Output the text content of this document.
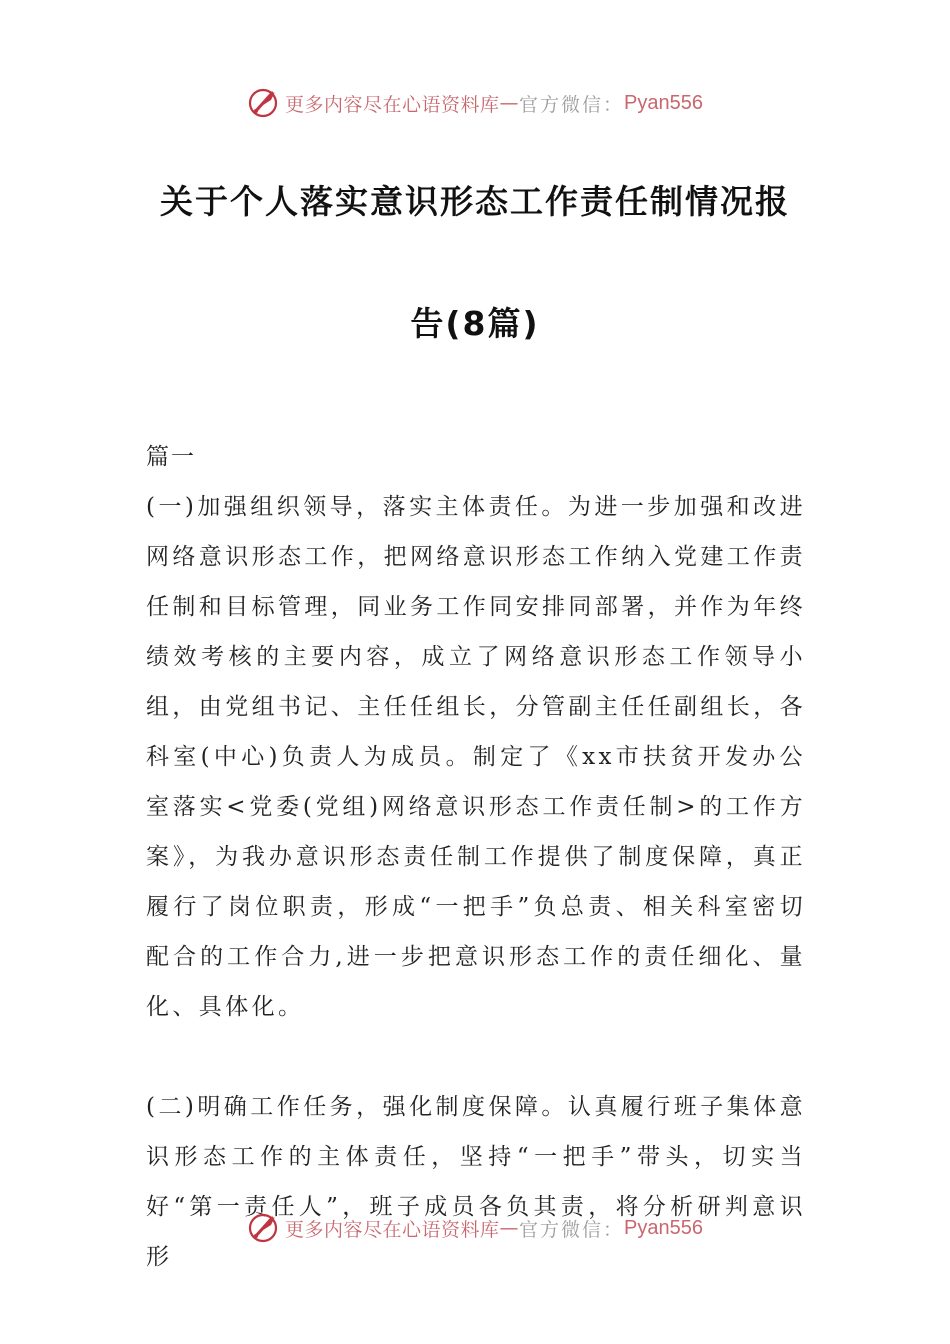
更多内容尽在心语资料库 — 官方微信： Pyan556
关于个人落实意识形态工作责任制情况报
告(8篇)

篇一

(一)加强组织领导，落实主体责任。为进一步加强和改进网络意识形态工作，把网络意识形态工作纳入党建工作责任制和目标管理，同业务工作同安排同部署，并作为年终绩效考核的主要内容，成立了网络意识形态工作领导小组，由党组书记、主任任组长，分管副主任任副组长，各科室(中心)负责人为成员。制定了《xx市扶贫开发办公室落实<党委(党组)网络意识形态工作责任制>的工作方案》，为我办意识形态责任制工作提供了制度保障，真正履行了岗位职责，形成“一把手”负总责、相关科室密切配合的工作合力,进一步把意识形态工作的责任细化、量化、具体化。

(二)明确工作任务，强化制度保障。认真履行班子集体意识形态工作的主体责任，坚持“一把手”带头，切实当好“第一责任人”，班子成员各负其责，将分析研判意识形

更多内容尽在心语资料库 — 官方微信： Pyan556
